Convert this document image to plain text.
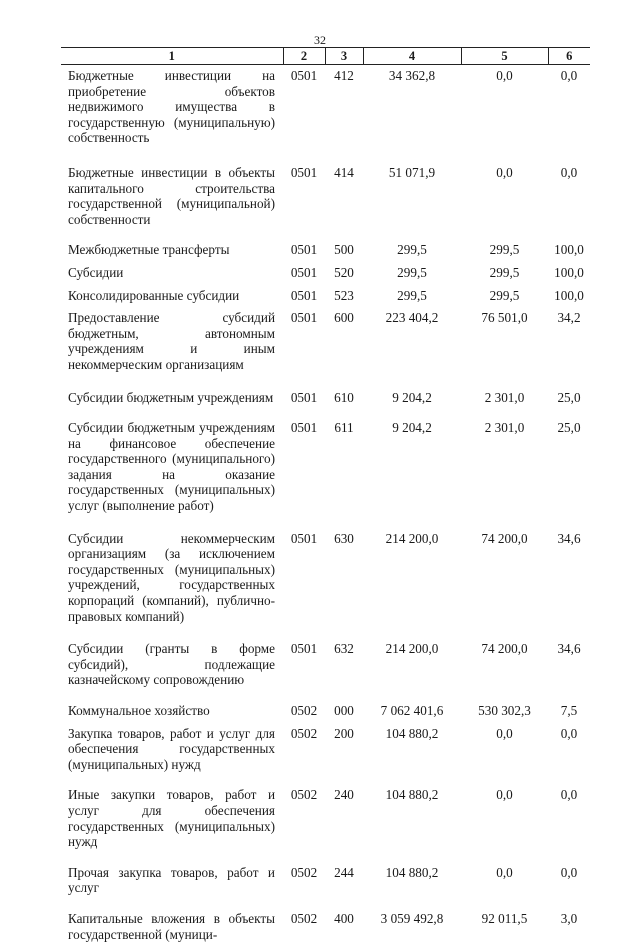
32
1	2	3	4	5	6
Бюджетные инвестиции на приобретение объектов недвижимого имущества в государственную (муниципальную) собственность	0501	412	34 362,8	0,0	0,0
Бюджетные инвестиции в объекты капитального строительства государственной (муниципальной) собственности	0501	414	51 071,9	0,0	0,0
Межбюджетные трансферты	0501	500	299,5	299,5	100,0
Субсидии	0501	520	299,5	299,5	100,0
Консолидированные субсидии	0501	523	299,5	299,5	100,0
Предоставление субсидий бюджетным, автономным учреждениям и иным некоммерческим организациям	0501	600	223 404,2	76 501,0	34,2
Субсидии бюджетным учреждениям	0501	610	9 204,2	2 301,0	25,0
Субсидии бюджетным учреждениям на финансовое обеспечение государственного (муниципального) задания на оказание государственных (муниципальных) услуг (выполнение работ)	0501	611	9 204,2	2 301,0	25,0
Субсидии некоммерческим организациям (за исключением государственных (муниципальных) учреждений, государственных корпораций (компаний), публично-правовых компаний)	0501	630	214 200,0	74 200,0	34,6
Субсидии (гранты в форме субсидий), подлежащие казначейскому сопровождению	0501	632	214 200,0	74 200,0	34,6
Коммунальное хозяйство	0502	000	7 062 401,6	530 302,3	7,5
Закупка товаров, работ и услуг для обеспечения государственных (муниципальных) нужд	0502	200	104 880,2	0,0	0,0
Иные закупки товаров, работ и услуг для обеспечения государственных (муниципальных) нужд	0502	240	104 880,2	0,0	0,0
Прочая закупка товаров, работ и услуг	0502	244	104 880,2	0,0	0,0
Капитальные вложения в объекты государственной (муници-	0502	400	3 059 492,8	92 011,5	3,0
